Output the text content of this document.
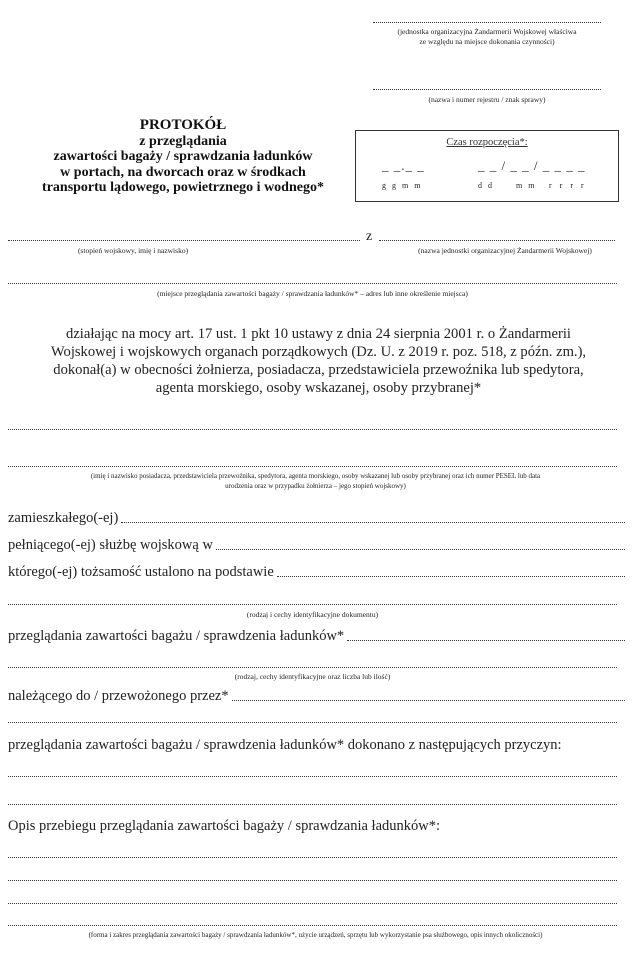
(jednostka organizacyjna Żandarmerii Wojskowej właściwa
ze względu na miejsce dokonania czynności)
(nazwa i numer rejestru / znak sprawy)
PROTOKÓŁ
z przeglądania
zawartości bagaży / sprawdzania ładunków
w portach, na dworcach oraz w środkach
transportu lądowego, powietrznego i wodnego*
Czas rozpoczęcia*:
_ _._ _	_ _ / _ _ / _ _ _ _
g g m m	d d	m m r r r r
z
(stopień wojskowy, imię i nazwisko)	(nazwa jednostki organizacyjnej Żandarmerii Wojskowej)
(miejsce przeglądania zawartości bagaży / sprawdzania ładunków* – adres lub inne określenie miejsca)
działając na mocy art. 17 ust. 1 pkt 10 ustawy z dnia 24 sierpnia 2001 r. o Żandarmerii
Wojskowej i wojskowych organach porządkowych (Dz. U. z 2019 r. poz. 518, z późn. zm.),
dokonał(a) w obecności żołnierza, posiadacza, przedstawiciela przewoźnika lub spedytora,
agenta morskiego, osoby wskazanej, osoby przybranej*
(imię i nazwisko posiadacza, przedstawiciela przewoźnika, spedytora, agenta morskiego, osoby wskazanej lub osoby przybranej oraz ich numer PESEL lub data
urodzenia oraz w przypadku żołnierza – jego stopień wojskowy)
zamieszkałego(-ej)
pełniącego(-ej) służbę wojskową w
którego(-ej) tożsamość ustalono na podstawie
(rodzaj i cechy identyfikacyjne dokumentu)
przeglądania zawartości bagażu / sprawdzenia ładunków*
(rodzaj, cechy identyfikacyjne oraz liczba lub ilość)
należącego do / przewożonego przez*
przeglądania zawartości bagażu / sprawdzenia ładunków* dokonano z następujących przyczyn:
Opis przebiegu przeglądania zawartości bagaży / sprawdzania ładunków*:
(forma i zakres przeglądania zawartości bagaży / sprawdzania ładunków*, użycie urządzeń, sprzętu lub wykorzystanie psa służbowego, opis innych okoliczności)
